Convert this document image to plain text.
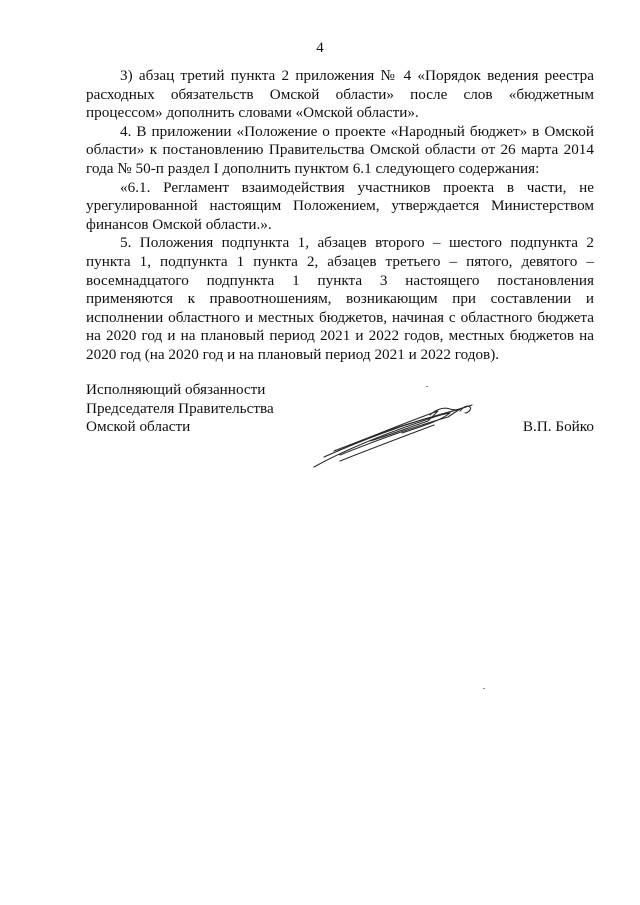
4

3) абзац третий пункта 2 приложения № 4 «Порядок ведения реестра расходных обязательств Омской области» после слов «бюджетным процессом» дополнить словами «Омской области».

4. В приложении «Положение о проекте «Народный бюджет» в Омской области» к постановлению Правительства Омской области от 26 марта 2014 года № 50-п раздел I дополнить пунктом 6.1 следующего содержания:

«6.1. Регламент взаимодействия участников проекта в части, не урегулированной настоящим Положением, утверждается Министерством финансов Омской области.».

5. Положения подпункта 1, абзацев второго – шестого подпункта 2 пункта 1, подпункта 1 пункта 2, абзацев третьего – пятого, девятого – восемнадцатого подпункта 1 пункта 3 настоящего постановления применяются к правоотношениям, возникающим при составлении и исполнении областного и местных бюджетов, начиная с областного бюджета на 2020 год и на плановый период 2021 и 2022 годов, местных бюджетов на 2020 год (на 2020 год и на плановый период 2021 и 2022 годов).

Исполняющий обязанности
Председателя Правительства
Омской области	В.П. Бойко
